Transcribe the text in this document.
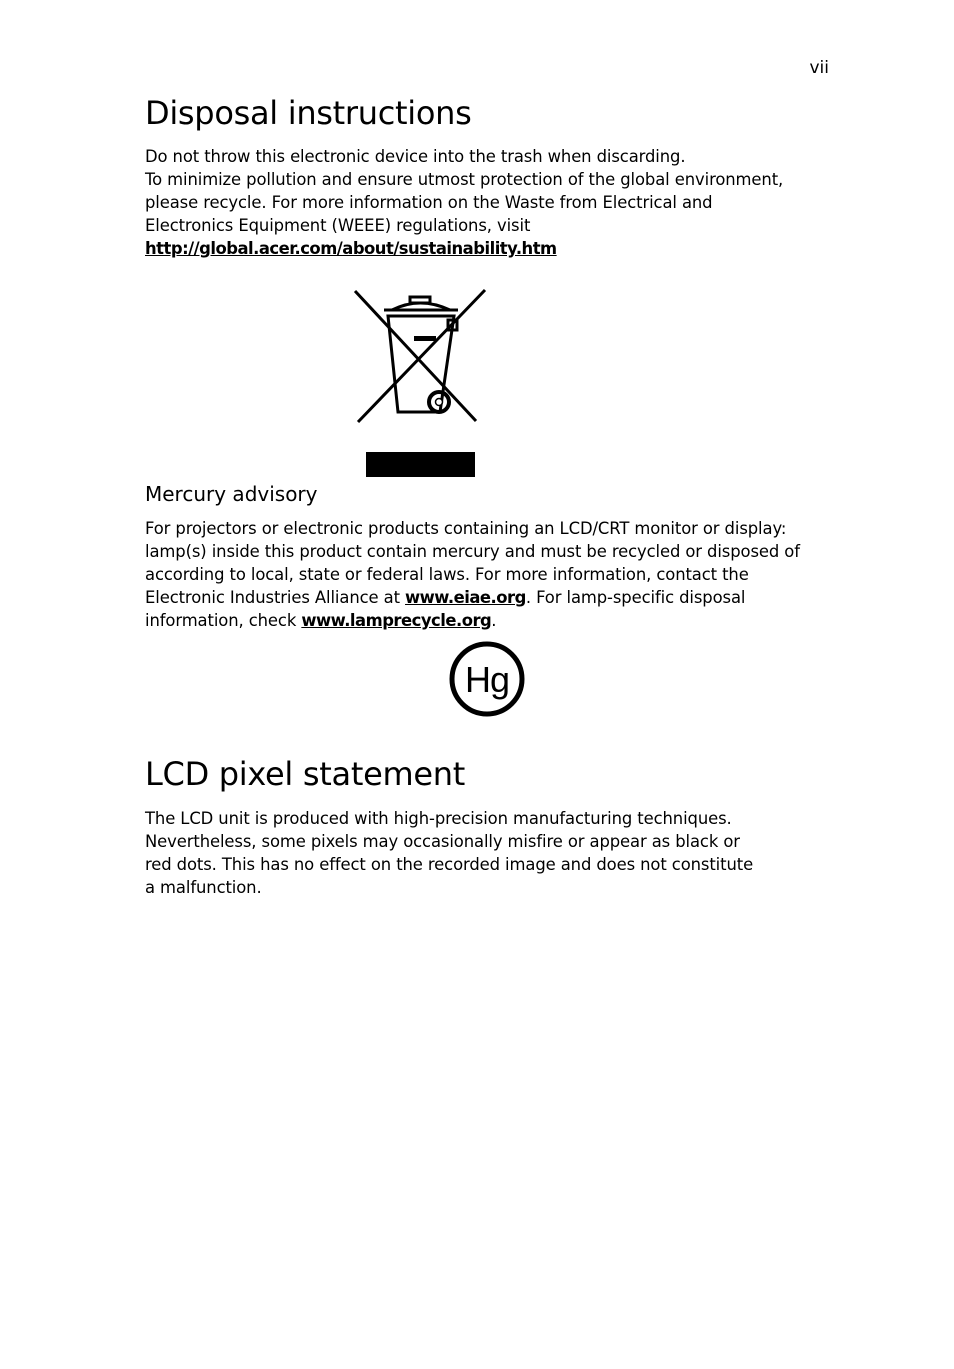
vii
Disposal instructions
Do not throw this electronic device into the trash when discarding.
To minimize pollution and ensure utmost protection of the global environment,
please recycle. For more information on the Waste from Electrical and
Electronics Equipment (WEEE) regulations, visit
http://global.acer.com/about/sustainability.htm
Mercury advisory
For projectors or electronic products containing an LCD/CRT monitor or display:
lamp(s) inside this product contain mercury and must be recycled or disposed of
according to local, state or federal laws. For more information, contact the
Electronic Industries Alliance at www.eiae.org. For lamp-specific disposal
information, check www.lamprecycle.org.
Hg
LCD pixel statement
The LCD unit is produced with high-precision manufacturing techniques.
Nevertheless, some pixels may occasionally misfire or appear as black or
red dots. This has no effect on the recorded image and does not constitute
a malfunction.
